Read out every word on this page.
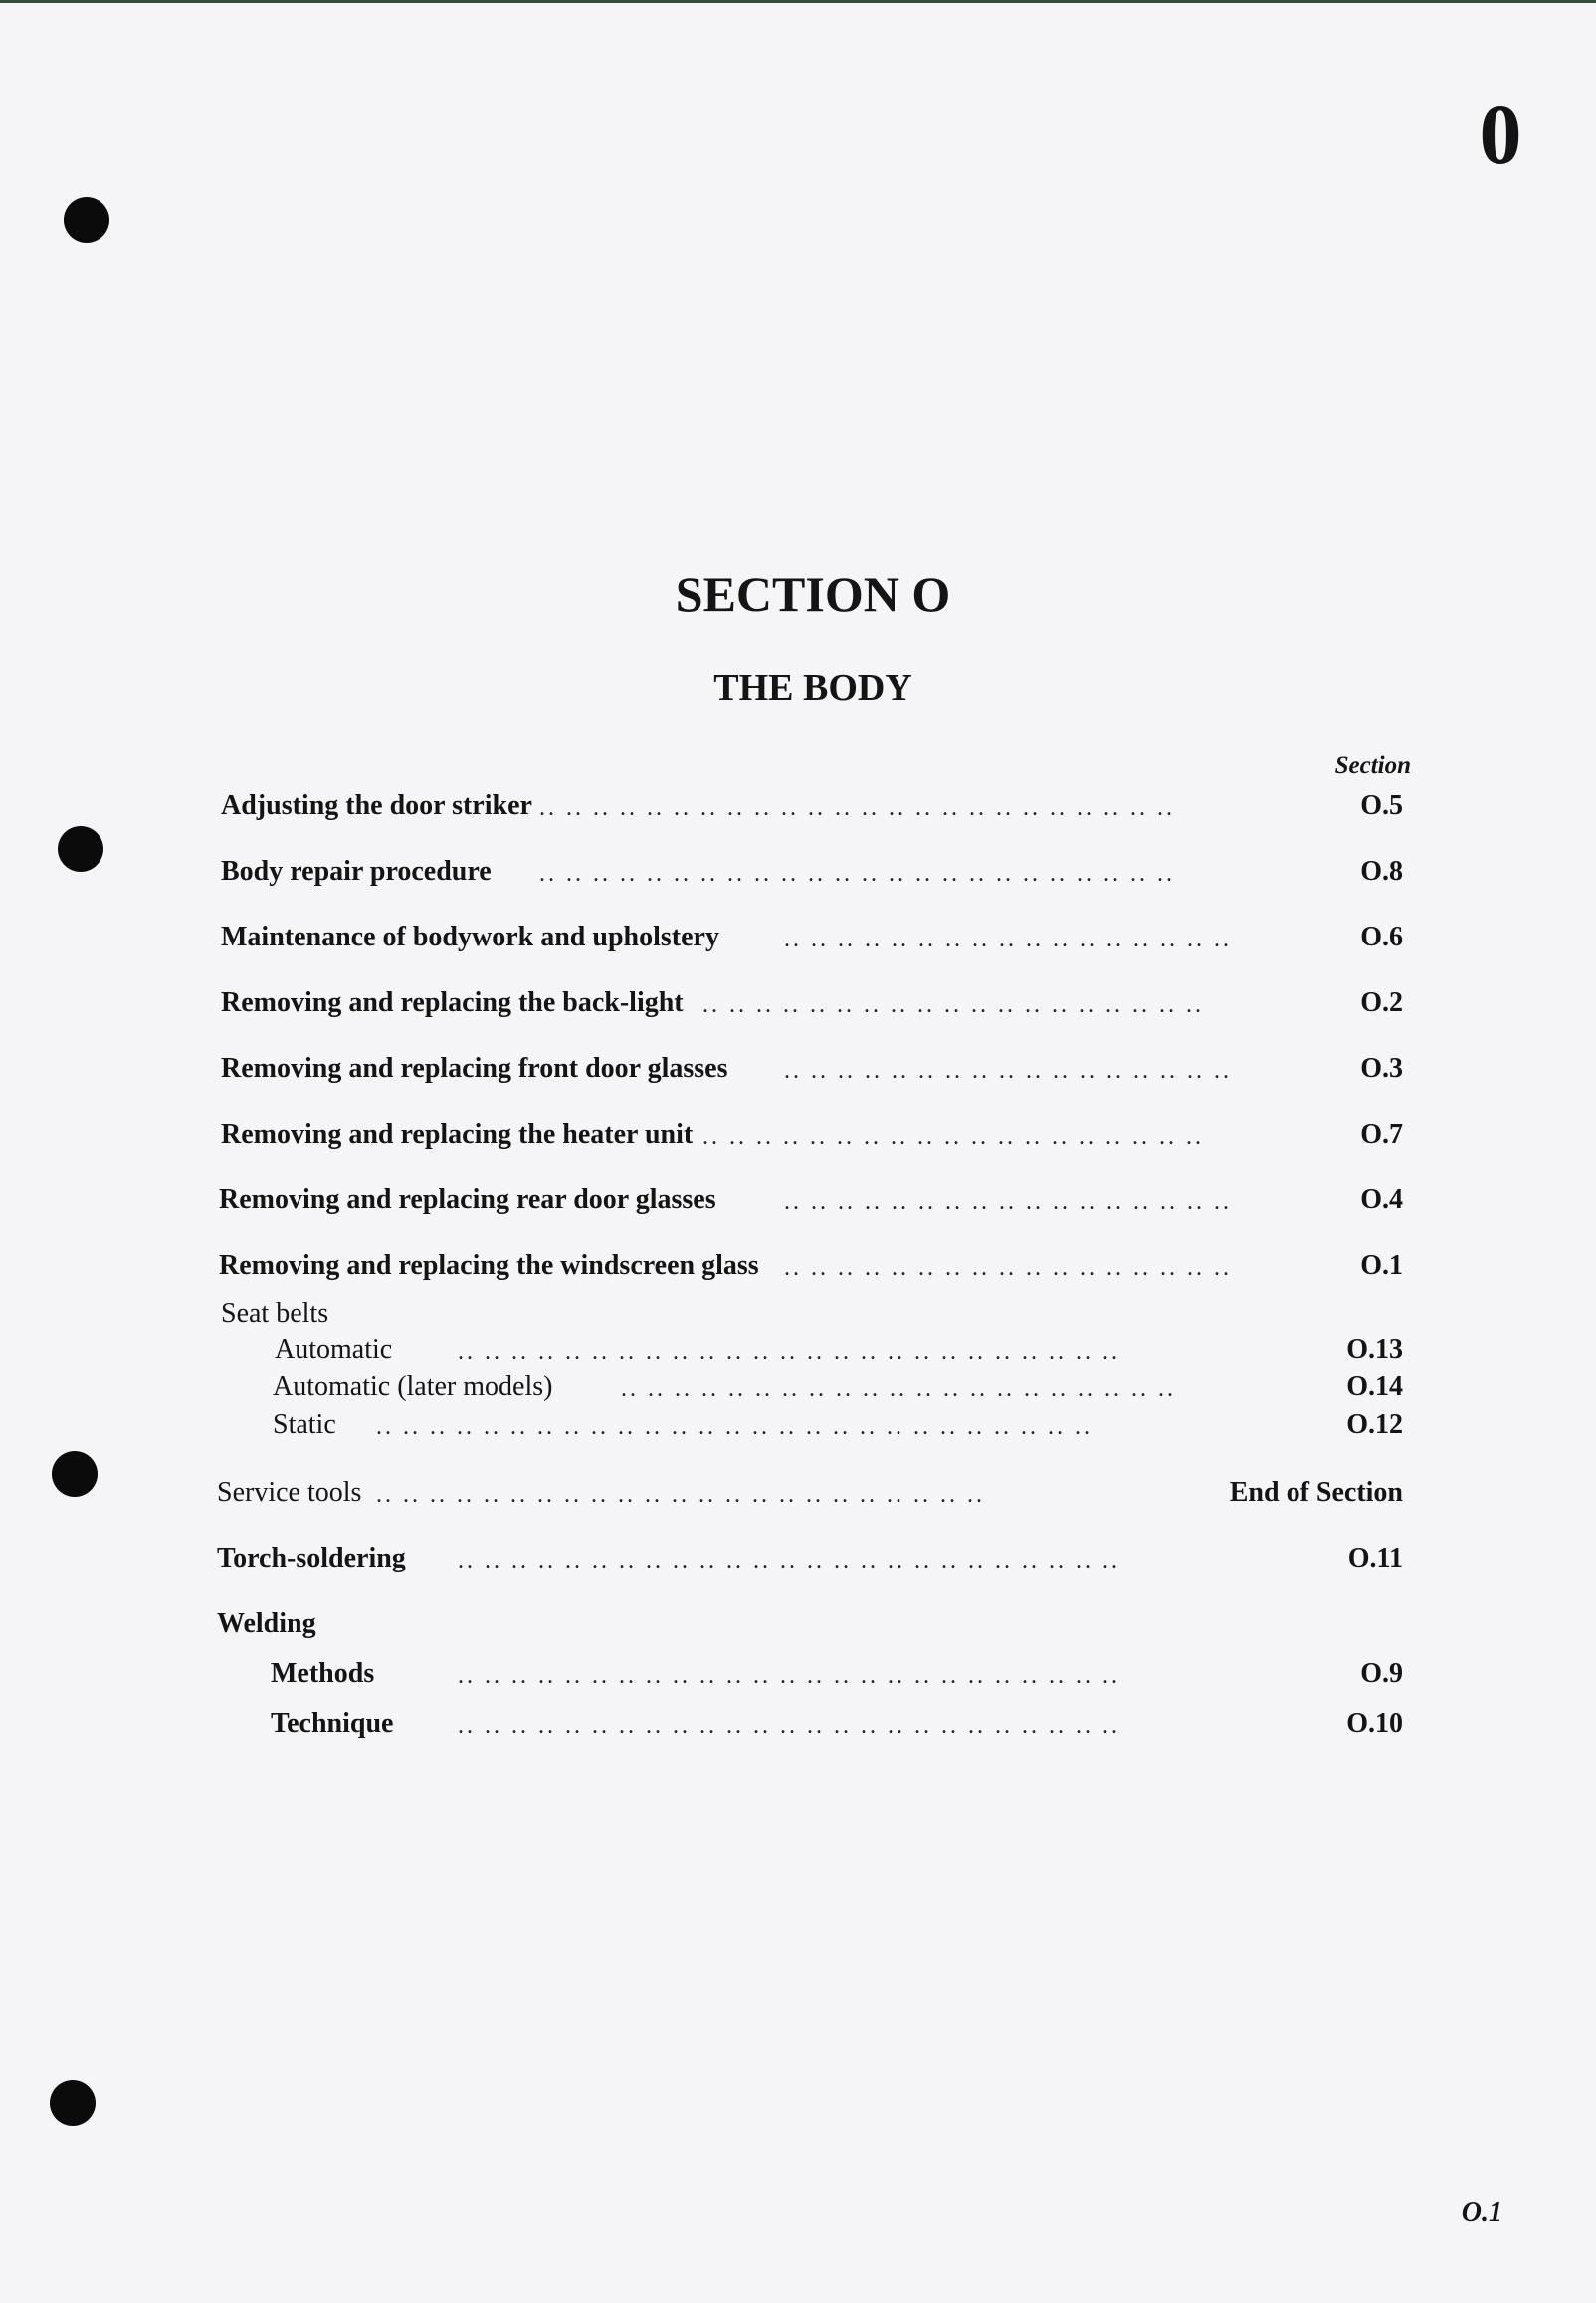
0
SECTION O
THE BODY
Section
Adjusting the door striker .. .. .. .. .. .. .. .. .. .. .. .. .. .. .. .. .. .. .. .. .. .. .. ..	O.5
Body repair procedure .. .. .. .. .. .. .. .. .. .. .. .. .. .. .. .. .. .. .. .. .. .. .. ..	O.8
Maintenance of bodywork and upholstery	.. .. .. .. .. .. .. .. .. .. .. .. .. .. .. .. ..	O.6
Removing and replacing the back-light .. .. .. .. .. .. .. .. .. .. .. .. .. .. .. .. .. .. ..	O.2
Removing and replacing front door glasses .. .. .. .. .. .. .. .. .. .. .. .. .. .. .. .. ..	O.3
Removing and replacing the heater unit .. .. .. .. .. .. .. .. .. .. .. .. .. .. .. .. .. .. ..	O.7
Removing and replacing rear door glasses	.. .. .. .. .. .. .. .. .. .. .. .. .. .. .. .. ..	O.4
Removing and replacing the windscreen glass .. .. .. .. .. .. .. .. .. .. .. .. .. .. .. .. ..	O.1
Seat belts
Automatic	.. .. .. .. .. .. .. .. .. .. .. .. .. .. .. .. .. .. .. .. .. .. .. .. ..	O.13
Automatic (later models)	.. .. .. .. .. .. .. .. .. .. .. .. .. .. .. .. .. .. .. .. ..	O.14
Static .. .. .. .. .. .. .. .. .. .. .. .. .. .. .. .. .. .. .. .. .. .. .. .. .. .. ..	O.12
Service tools .. .. .. .. .. .. .. .. .. .. .. .. .. .. .. .. .. .. .. .. .. .. ..	End of Section
Torch-soldering .. .. .. .. .. .. .. .. .. .. .. .. .. .. .. .. .. .. .. .. .. .. .. .. ..	O.11
Welding
Methods	.. .. .. .. .. .. .. .. .. .. .. .. .. .. .. .. .. .. .. .. .. .. .. .. ..	O.9
Technique	.. .. .. .. .. .. .. .. .. .. .. .. .. .. .. .. .. .. .. .. .. .. .. .. ..	O.10
O.1
